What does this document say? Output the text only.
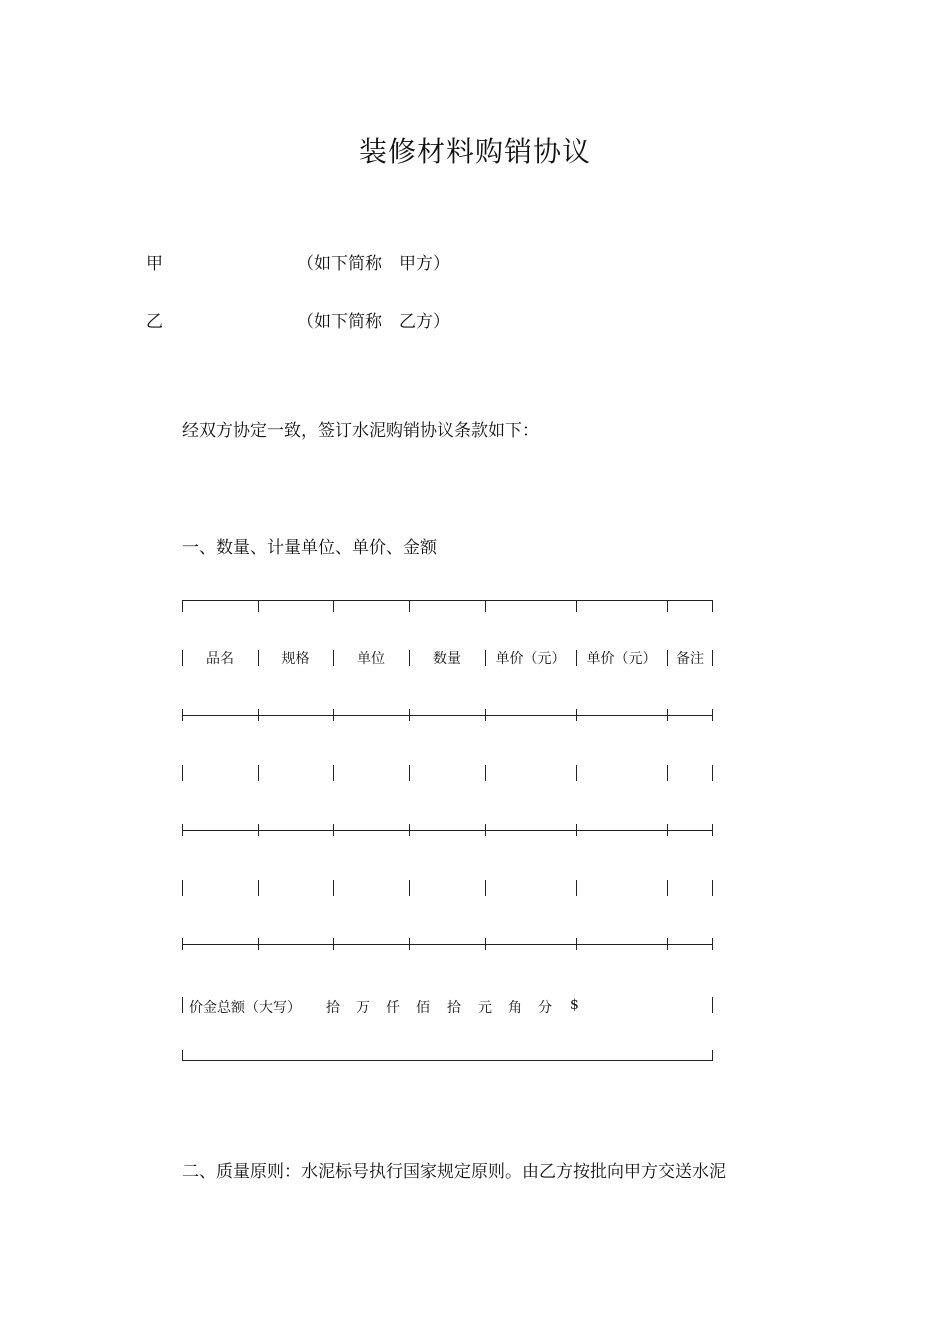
装修材料购销协议
甲	（如下简称　甲方）
乙	（如下简称　乙方）
经双方协定一致，签订水泥购销协议条款如下：
一、数量、计量单位、单价、金额
品名	规格	单位	数量	单价（元）	单价（元）	备注
价金总额（大写） 拾 万 仟 佰 拾 元 角 分 $
二、质量原则：水泥标号执行国家规定原则。由乙方按批向甲方交送水泥
